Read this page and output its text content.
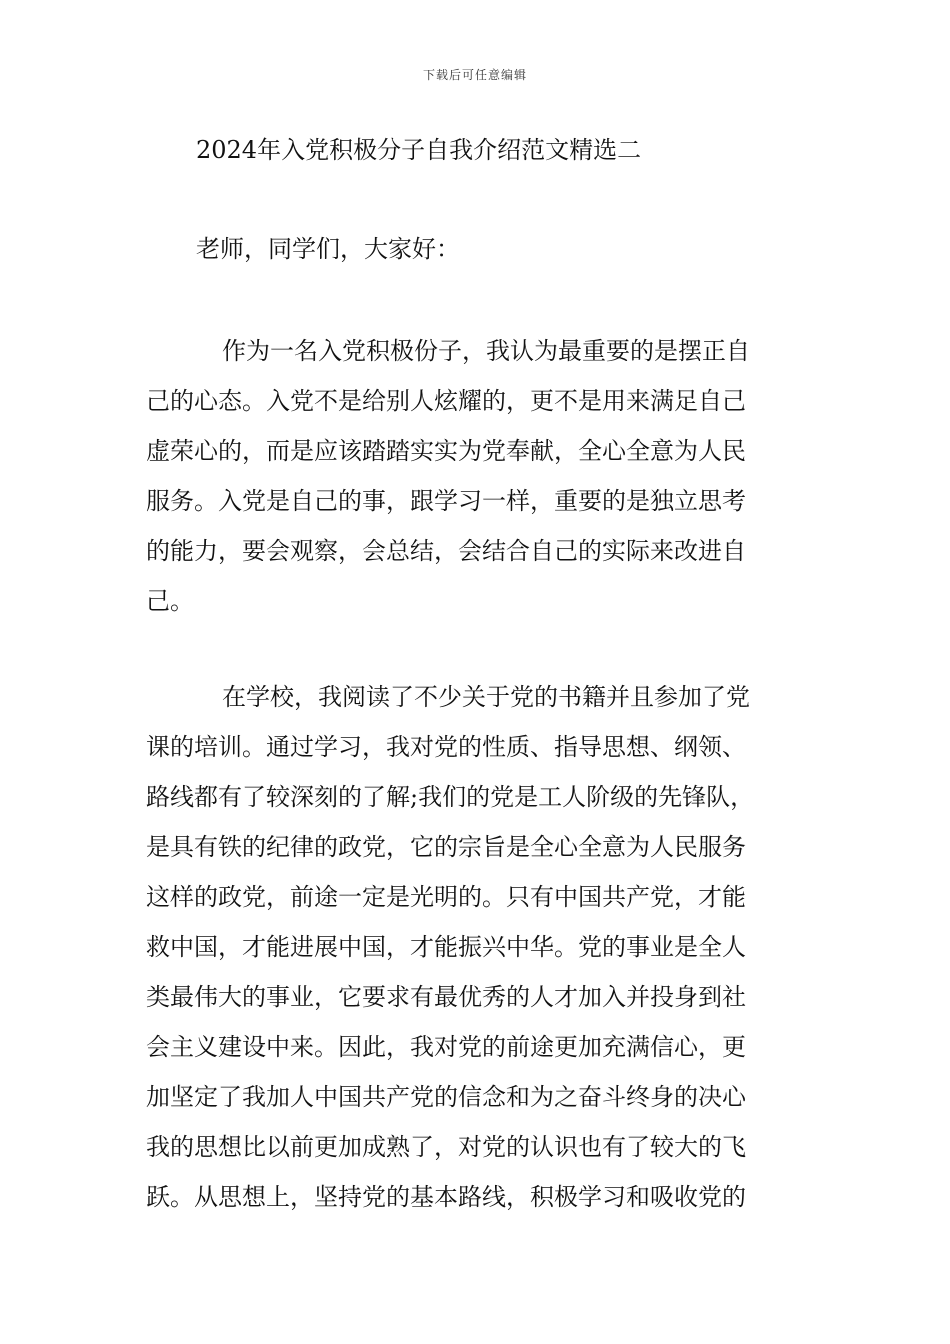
下载后可任意编辑
2024年入党积极分子自我介绍范文精选二
老师，同学们，大家好：
作为一名入党积极份子，我认为最重要的是摆正自
己的心态。入党不是给别人炫耀的，更不是用来满足自己
虚荣心的，而是应该踏踏实实为党奉献，全心全意为人民
服务。入党是自己的事，跟学习一样，重要的是独立思考
的能力，要会观察，会总结，会结合自己的实际来改进自
己。
在学校，我阅读了不少关于党的书籍并且参加了党
课的培训。通过学习，我对党的性质、指导思想、纲领、
路线都有了较深刻的了解;我们的党是工人阶级的先锋队，
是具有铁的纪律的政党，它的宗旨是全心全意为人民服务
这样的政党，前途一定是光明的。只有中国共产党，才能
救中国，才能进展中国，才能振兴中华。党的事业是全人
类最伟大的事业，它要求有最优秀的人才加入并投身到社
会主义建设中来。因此，我对党的前途更加充满信心，更
加坚定了我加人中国共产党的信念和为之奋斗终身的决心
我的思想比以前更加成熟了，对党的认识也有了较大的飞
跃。从思想上，坚持党的基本路线，积极学习和吸收党的
